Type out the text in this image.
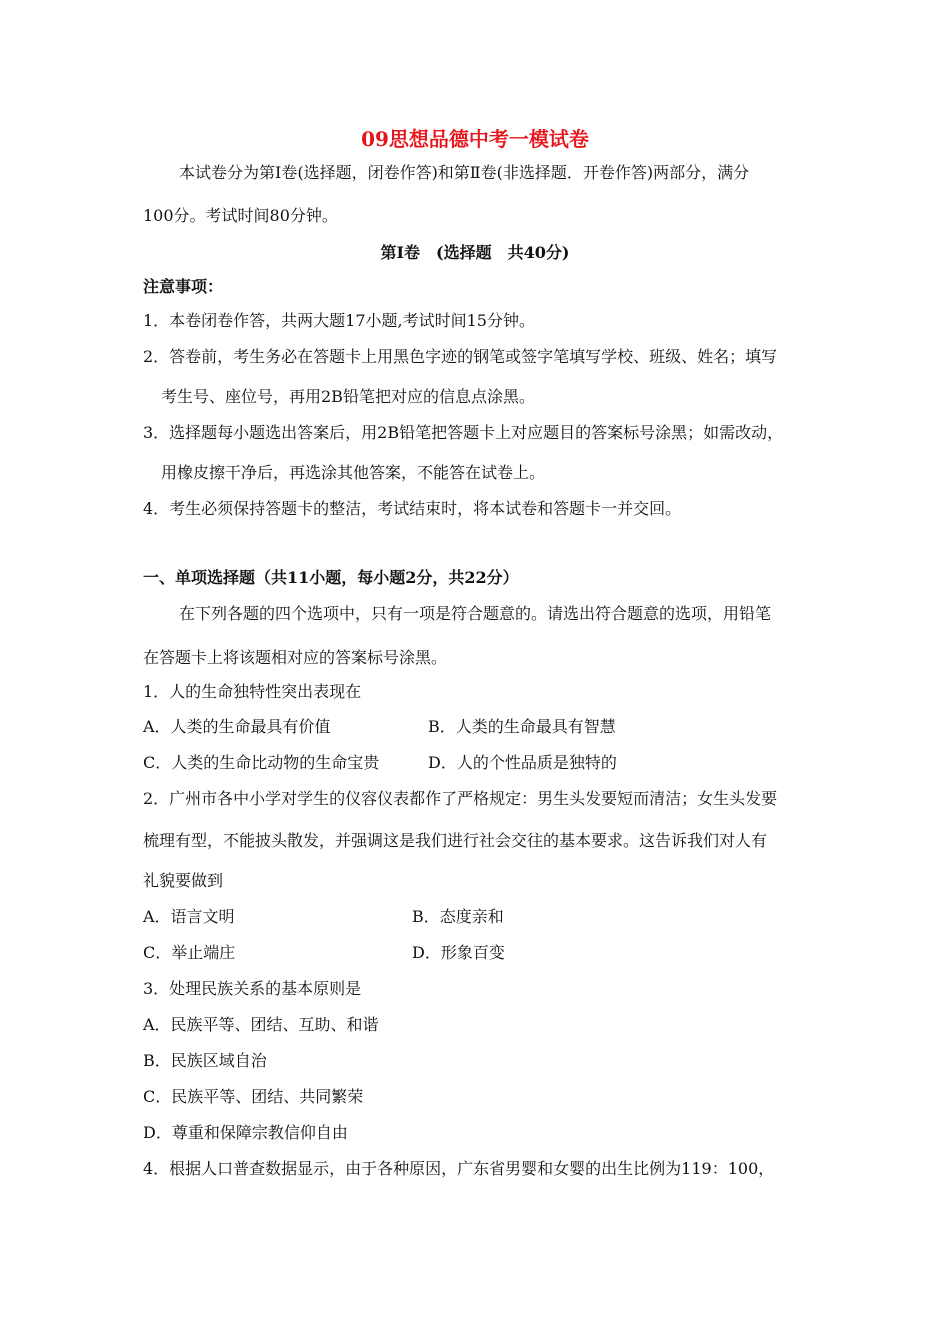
09思想品德中考一模试卷
本试卷分为第Ⅰ卷(选择题，闭卷作答)和第Ⅱ卷(非选择题．开卷作答)两部分，满分
100分。考试时间80分钟。
第Ⅰ卷　(选择题　共40分)
注意事项：
1．本卷闭卷作答，共两大题17小题,考试时间15分钟。
2．答卷前，考生务必在答题卡上用黑色字迹的钢笔或签字笔填写学校、班级、姓名；填写
考生号、座位号，再用2B铅笔把对应的信息点涂黑。
3．选择题每小题选出答案后，用2B铅笔把答题卡上对应题目的答案标号涂黑；如需改动，
用橡皮擦干净后，再选涂其他答案，不能答在试卷上。
4．考生必须保持答题卡的整洁，考试结束时，将本试卷和答题卡一并交回。
一、单项选择题（共11小题，每小题2分，共22分）
在下列各题的四个选项中，只有一项是符合题意的。请选出符合题意的选项，用铅笔
在答题卡上将该题相对应的答案标号涂黑。
1．人的生命独特性突出表现在
A．人类的生命最具有价值	B．人类的生命最具有智慧
C．人类的生命比动物的生命宝贵	D．人的个性品质是独特的
2．广州市各中小学对学生的仪容仪表都作了严格规定：男生头发要短而清洁；女生头发要
梳理有型，不能披头散发，并强调这是我们进行社会交往的基本要求。这告诉我们对人有
礼貌要做到
A．语言文明	B．态度亲和
C．举止端庄	D．形象百变
3．处理民族关系的基本原则是
A．民族平等、团结、互助、和谐
B．民族区域自治
C．民族平等、团结、共同繁荣
D．尊重和保障宗教信仰自由
4．根据人口普查数据显示，由于各种原因，广东省男婴和女婴的出生比例为119：100，
